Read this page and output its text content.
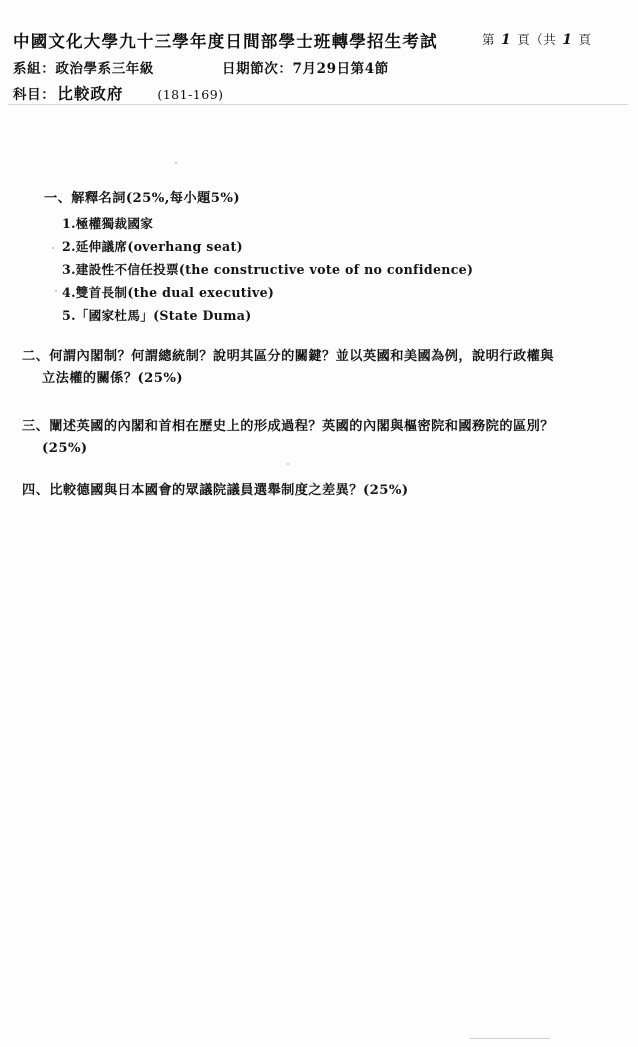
中國文化大學九十三學年度日間部學士班轉學招生考試	第 1 頁（共 1 頁
系組：政治學系三年級	日期節次：7月29日第4節
科目： 比較政府	(181-169)
一、解釋名詞(25%,每小題5%)
1.極權獨裁國家
2.延伸議席(overhang seat)
3.建設性不信任投票(the constructive vote of no confidence)
4.雙首長制(the dual executive)
5.「國家杜馬」(State Duma)
二、何謂內閣制？何謂總統制？說明其區分的關鍵？並以英國和美國為例，說明行政權與
立法權的關係？(25%)
三、闡述英國的內閣和首相在歷史上的形成過程？英國的內閣與樞密院和國務院的區別？
(25%)
四、比較德國與日本國會的眾議院議員選舉制度之差異？(25%)
